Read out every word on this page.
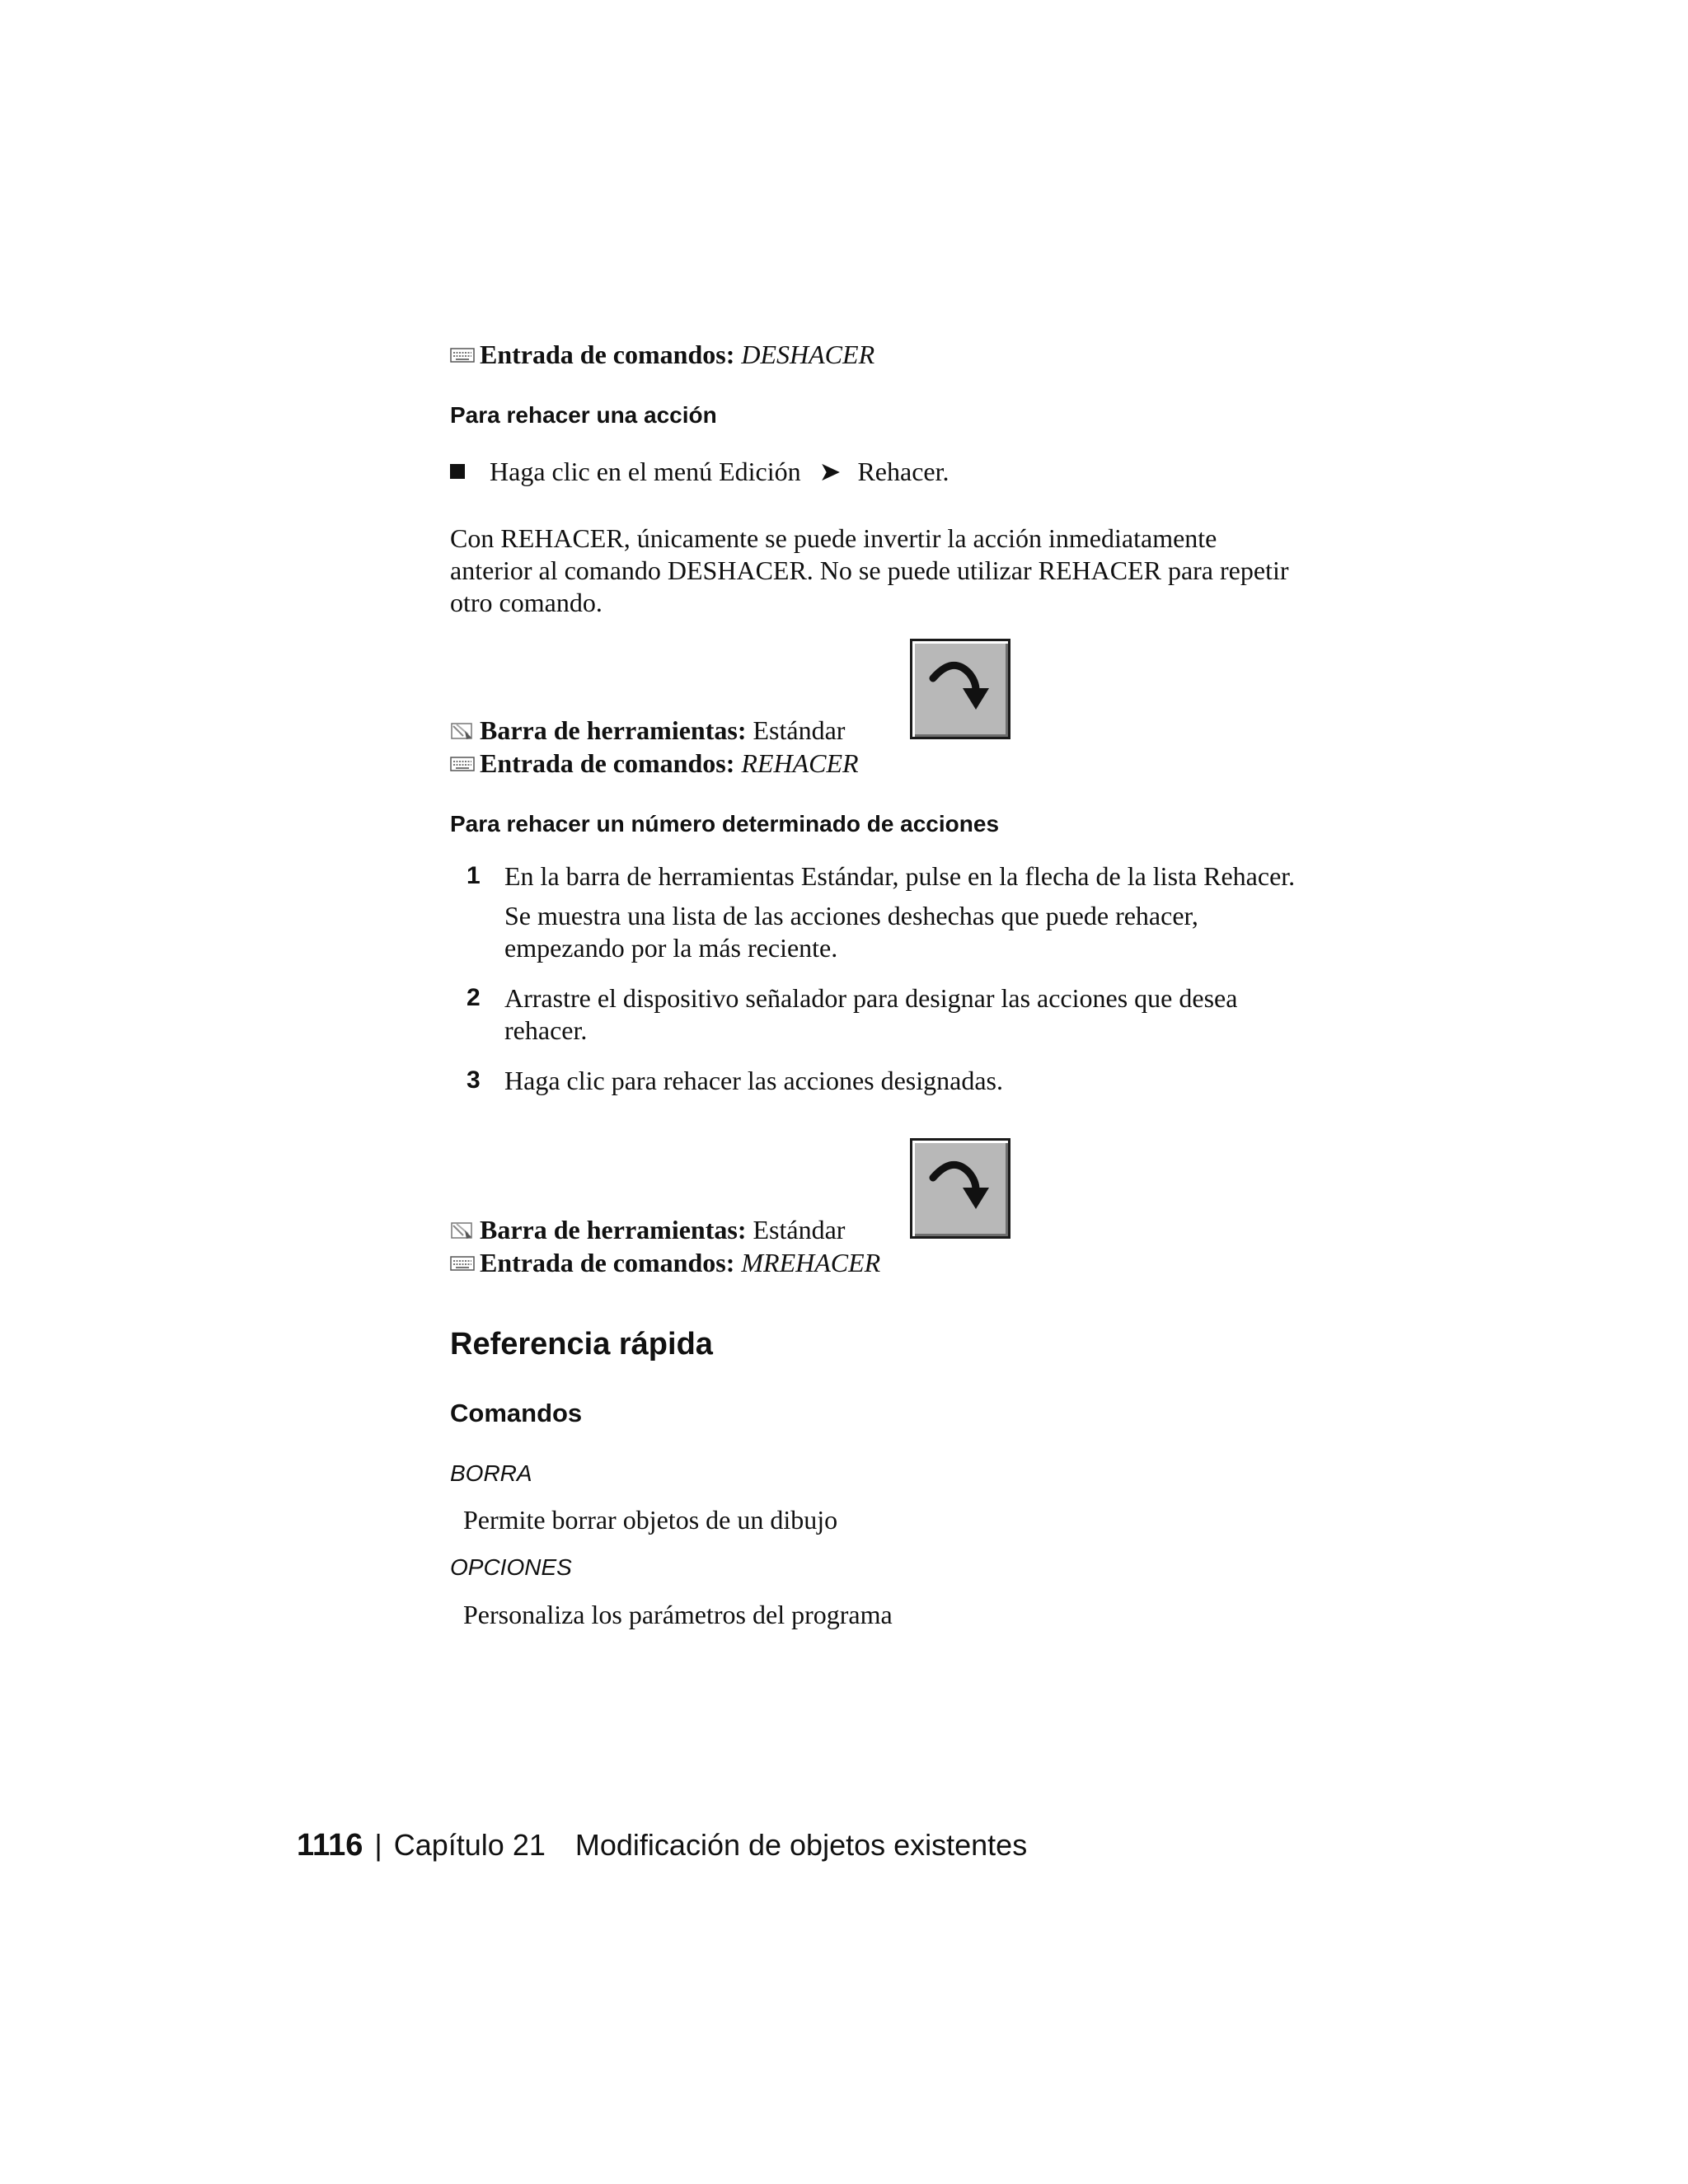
Entrada de comandos: DESHACER
Para rehacer una acción
Haga clic en el menú Edición ➤ Rehacer.
Con REHACER, únicamente se puede invertir la acción inmediatamente
anterior al comando DESHACER. No se puede utilizar REHACER para repetir
otro comando.
Barra de herramientas: Estándar
Entrada de comandos: REHACER
Para rehacer un número determinado de acciones
1 En la barra de herramientas Estándar, pulse en la flecha de la lista Rehacer.
Se muestra una lista de las acciones deshechas que puede rehacer,
empezando por la más reciente.
2 Arrastre el dispositivo señalador para designar las acciones que desea
rehacer.
3 Haga clic para rehacer las acciones designadas.
Barra de herramientas: Estándar
Entrada de comandos: MREHACER
Referencia rápida
Comandos
BORRA
Permite borrar objetos de un dibujo
OPCIONES
Personaliza los parámetros del programa
1116 | Capítulo 21 Modificación de objetos existentes
